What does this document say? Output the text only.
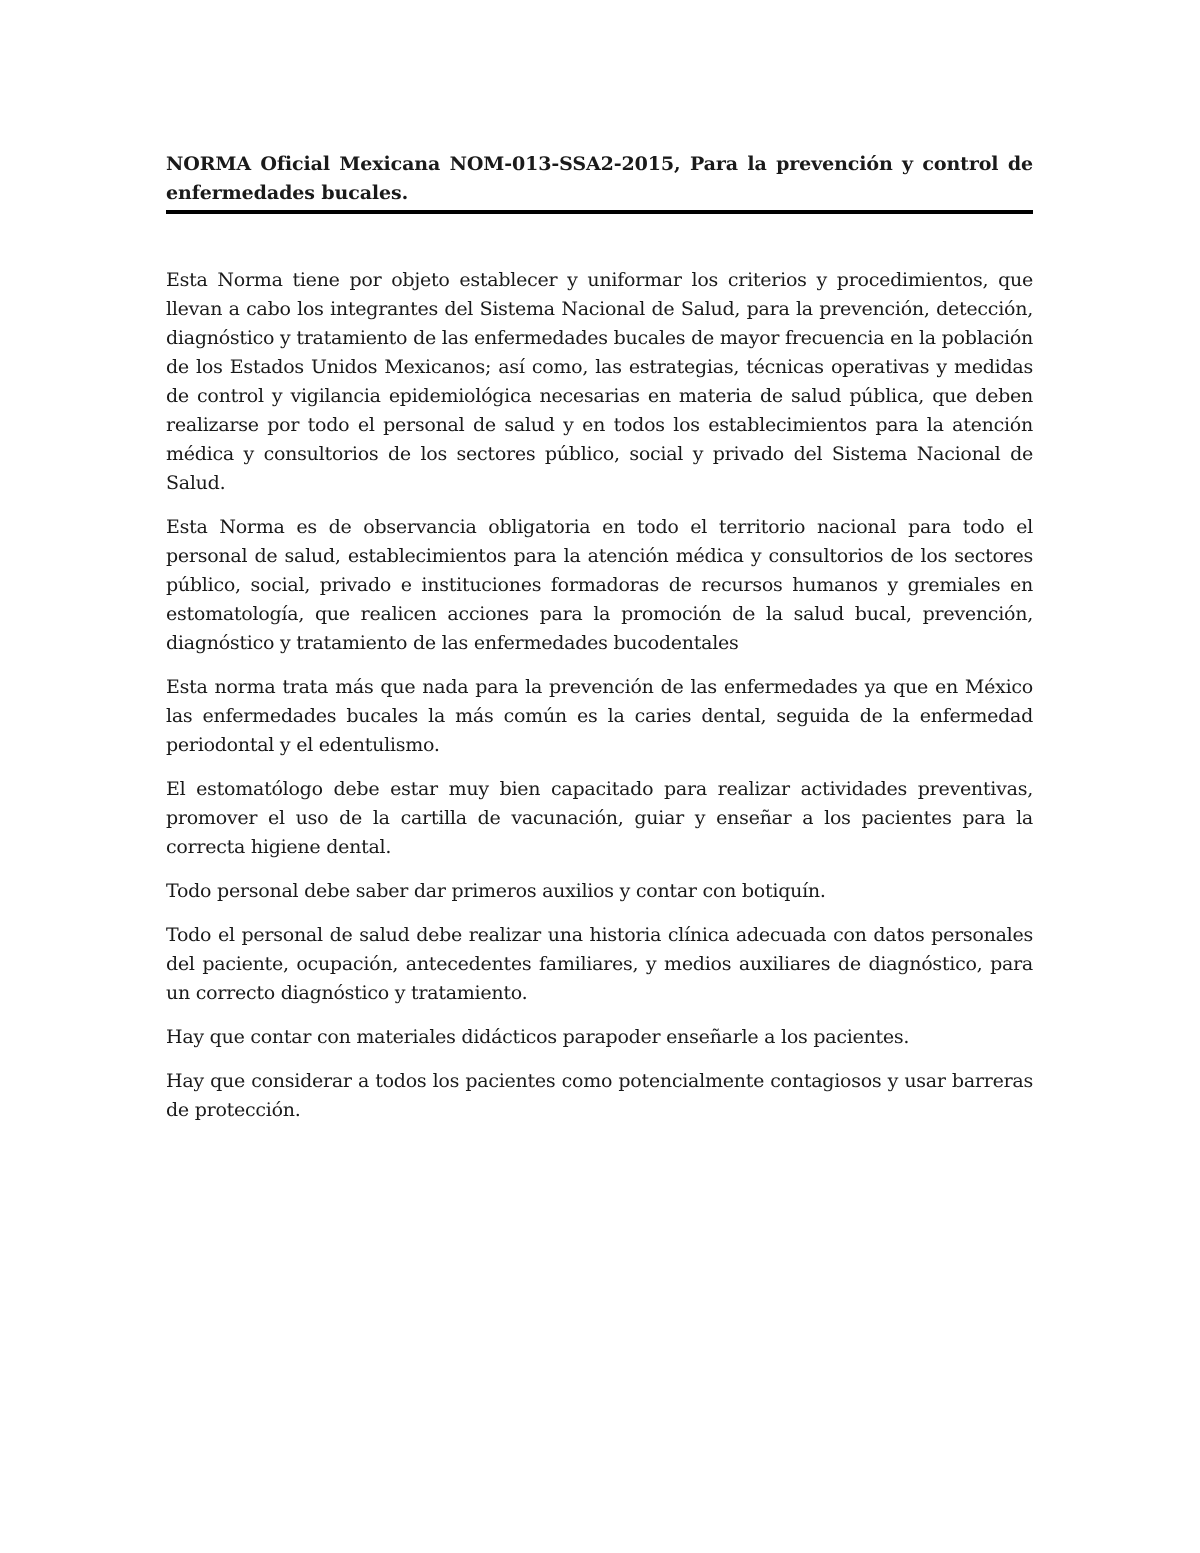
NORMA Oficial Mexicana NOM-013-SSA2-2015, Para la prevención y control de enfermedades bucales.

Esta Norma tiene por objeto establecer y uniformar los criterios y procedimientos, que llevan a cabo los integrantes del Sistema Nacional de Salud, para la prevención, detección, diagnóstico y tratamiento de las enfermedades bucales de mayor frecuencia en la población de los Estados Unidos Mexicanos; así como, las estrategias, técnicas operativas y medidas de control y vigilancia epidemiológica necesarias en materia de salud pública, que deben realizarse por todo el personal de salud y en todos los establecimientos para la atención médica y consultorios de los sectores público, social y privado del Sistema Nacional de Salud.

Esta Norma es de observancia obligatoria en todo el territorio nacional para todo el personal de salud, establecimientos para la atención médica y consultorios de los sectores público, social, privado e instituciones formadoras de recursos humanos y gremiales en estomatología, que realicen acciones para la promoción de la salud bucal, prevención, diagnóstico y tratamiento de las enfermedades bucodentales

Esta norma trata más que nada para la prevención de las enfermedades ya que en México las enfermedades bucales la más común es la caries dental, seguida de la enfermedad periodontal y el edentulismo.

El estomatólogo debe estar muy bien capacitado para realizar actividades preventivas, promover el uso de la cartilla de vacunación, guiar y enseñar a los pacientes para la correcta higiene dental.

Todo personal debe saber dar primeros auxilios y contar con botiquín.

Todo el personal de salud debe realizar una historia clínica adecuada con datos personales del paciente, ocupación, antecedentes familiares, y medios auxiliares de diagnóstico, para un correcto diagnóstico y tratamiento.

Hay que contar con materiales didácticos parapoder enseñarle a los pacientes.

Hay que considerar a todos los pacientes como potencialmente contagiosos y usar barreras de protección.
